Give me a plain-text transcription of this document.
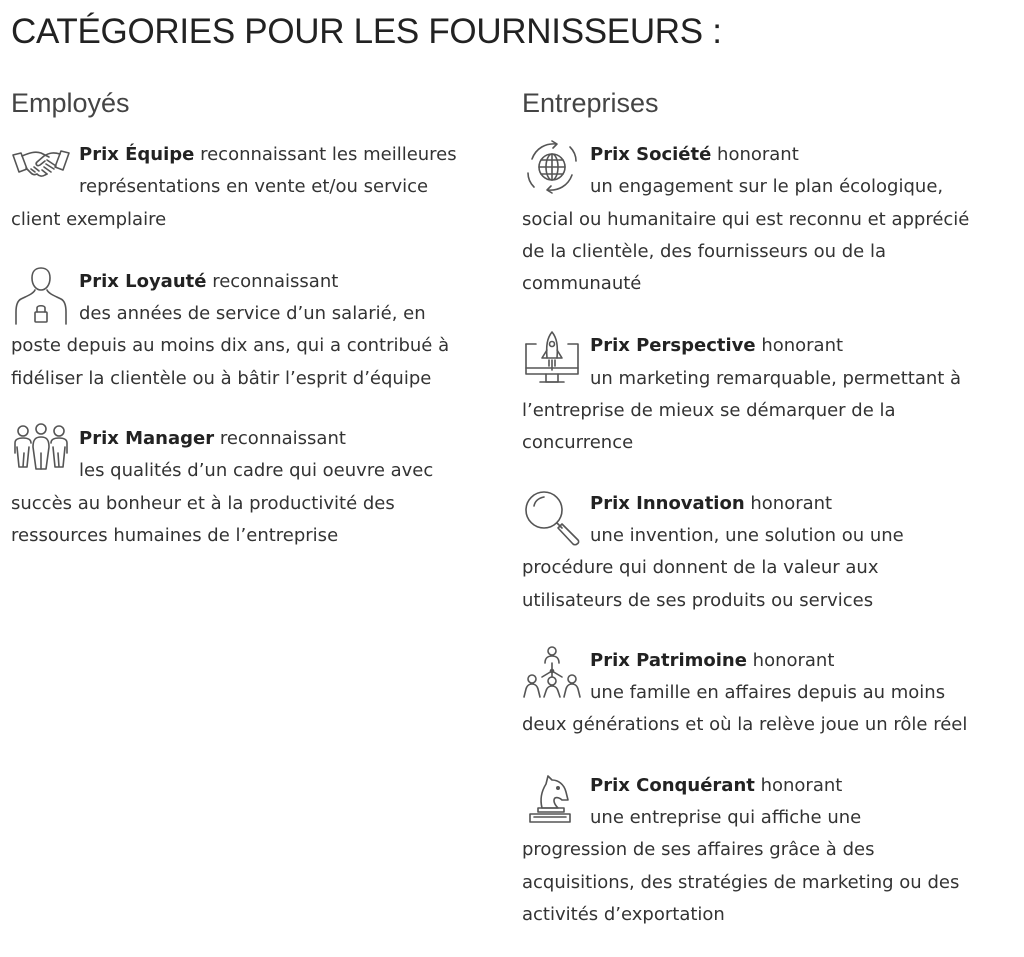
CATÉGORIES POUR LES FOURNISSEURS :
Employés
Prix Équipe reconnaissant les meilleures
représentations en vente et/ou service
client exemplaire
Prix Loyauté reconnaissant
des années de service d’un salarié, en
poste depuis au moins dix ans, qui a contribué à
fidéliser la clientèle ou à bâtir l’esprit d’équipe
Prix Manager reconnaissant
les qualités d’un cadre qui oeuvre avec
succès au bonheur et à la productivité des
ressources humaines de l’entreprise
Entreprises
Prix Société honorant
un engagement sur le plan écologique,
social ou humanitaire qui est reconnu et apprécié
de la clientèle, des fournisseurs ou de la
communauté
Prix Perspective honorant
un marketing remarquable, permettant à
l’entreprise de mieux se démarquer de la
concurrence
Prix Innovation honorant
une invention, une solution ou une
procédure qui donnent de la valeur aux
utilisateurs de ses produits ou services
Prix Patrimoine honorant
une famille en affaires depuis au moins
deux générations et où la relève joue un rôle réel
Prix Conquérant honorant
une entreprise qui affiche une
progression de ses affaires grâce à des
acquisitions, des stratégies de marketing ou des
activités d’exportation
